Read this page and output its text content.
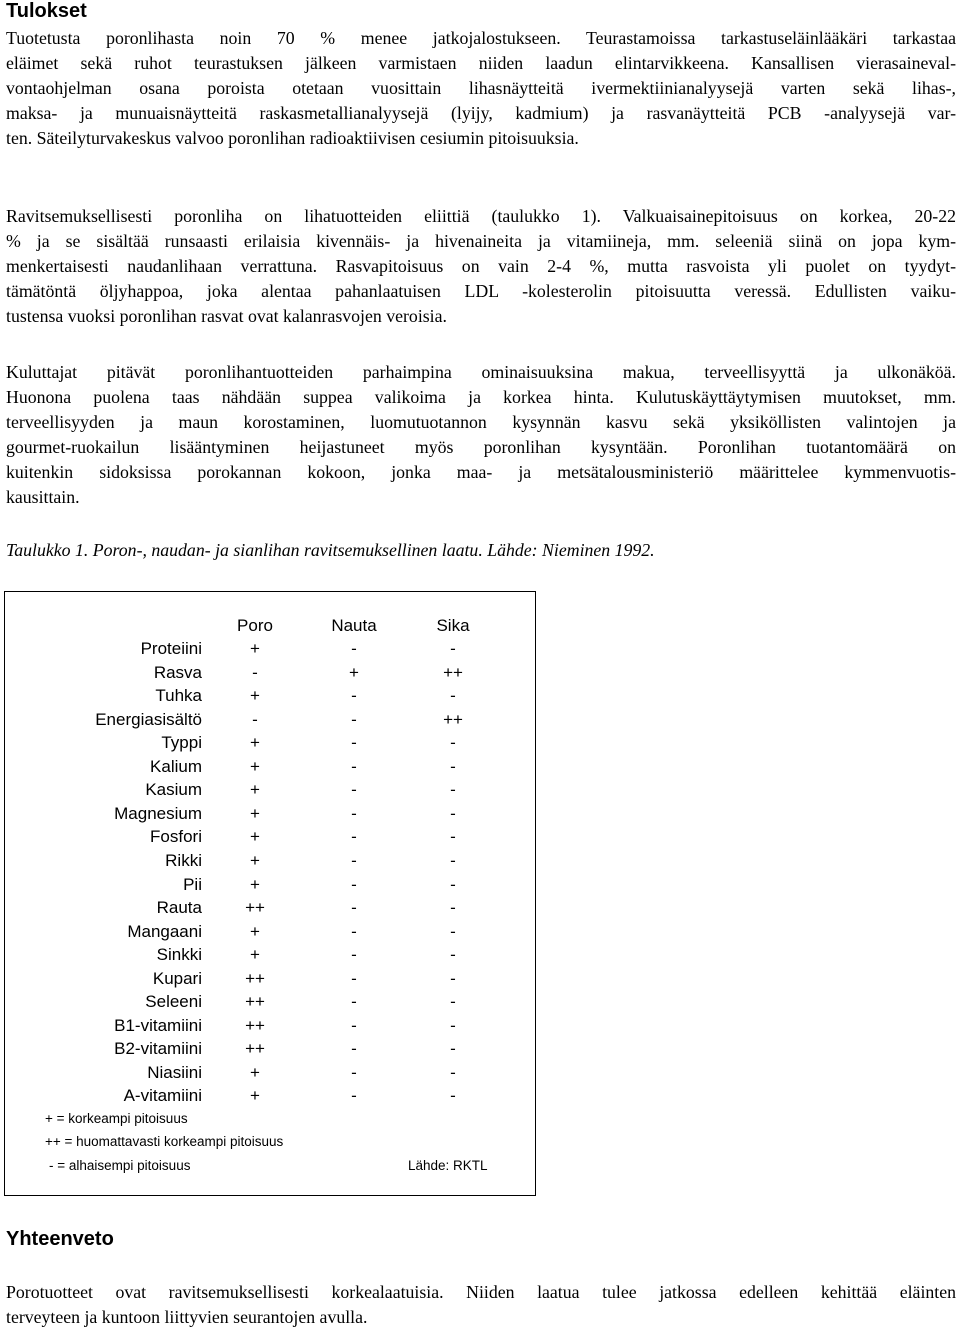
Tulokset
Tuotetusta poronlihasta noin 70 % menee jatkojalostukseen. Teurastamoissa tarkastuseläinlääkäri tarkastaa
eläimet sekä ruhot teurastuksen jälkeen varmistaen niiden laadun elintarvikkeena. Kansallisen vierasaineval-
vontaohjelman osana poroista otetaan vuosittain lihasnäytteitä ivermektiinianalyysejä varten sekä lihas-,
maksa- ja munuaisnäytteitä raskasmetallianalyysejä (lyijy, kadmium) ja rasvanäytteitä PCB -analyysejä var-
ten. Säteilyturvakeskus valvoo poronlihan radioaktiivisen cesiumin pitoisuuksia.
Ravitsemuksellisesti poronliha on lihatuotteiden eliittiä (taulukko 1). Valkuaisainepitoisuus on korkea, 20-22
% ja se sisältää runsaasti erilaisia kivennäis- ja hivenaineita ja vitamiineja, mm. seleeniä siinä on jopa kym-
menkertaisesti naudanlihaan verrattuna. Rasvapitoisuus on vain 2-4 %, mutta rasvoista yli puolet on tyydyt-
tämätöntä öljyhappoa, joka alentaa pahanlaatuisen LDL -kolesterolin pitoisuutta veressä. Edullisten vaiku-
tustensa vuoksi poronlihan rasvat ovat kalanrasvojen veroisia.
Kuluttajat pitävät poronlihantuotteiden parhaimpina ominaisuuksina makua, terveellisyyttä ja ulkonäköä.
Huonona puolena taas nähdään suppea valikoima ja korkea hinta. Kulutuskäyttäytymisen muutokset, mm.
terveellisyyden ja maun korostaminen, luomutuotannon kysynnän kasvu sekä yksiköllisten valintojen ja
gourmet-ruokailun lisääntyminen heijastuneet myös poronlihan kysyntään. Poronlihan tuotantomäärä on
kuitenkin sidoksissa porokannan kokoon, jonka maa- ja metsätalousministeriö määrittelee kymmenvuotis-
kausittain.

Taulukko 1. Poron-, naudan- ja sianlihan ravitsemuksellinen laatu. Lähde: Nieminen 1992.

Poro	Nauta	Sika
Proteiini	+	-	-
Rasva	-	+	++
Tuhka	+	-	-
Energiasisältö	-	-	++
Typpi	+	-	-
Kalium	+	-	-
Kasium	+	-	-
Magnesium	+	-	-
Fosfori	+	-	-
Rikki	+	-	-
Pii	+	-	-
Rauta	++	-	-
Mangaani	+	-	-
Sinkki	+	-	-
Kupari	++	-	-
Seleeni	++	-	-
B1-vitamiini	++	-	-
B2-vitamiini	++	-	-
Niasiini	+	-	-
A-vitamiini	+	-	-
+ = korkeampi pitoisuus
++ = huomattavasti korkeampi pitoisuus
- = alhaisempi pitoisuus	Lähde: RKTL
Yhteenveto
Porotuotteet ovat ravitsemuksellisesti korkealaatuisia. Niiden laatua tulee jatkossa edelleen kehittää eläinten
terveyteen ja kuntoon liittyvien seurantojen avulla.
